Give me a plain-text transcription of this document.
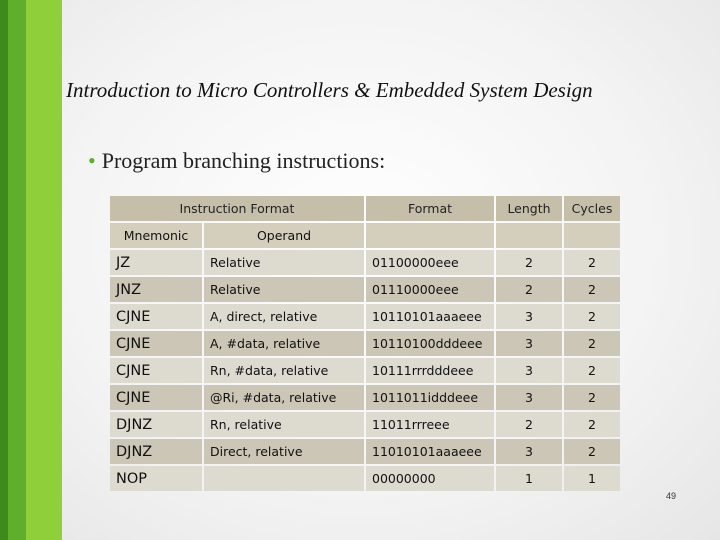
Introduction to Micro Controllers & Embedded System Design
• Program branching instructions:
Instruction Format		Format	Length	Cycles
Mnemonic	Operand			
JZ	Relative	01100000eee	2	2
JNZ	Relative	01110000eee	2	2
CJNE	A, direct, relative	10110101aaaeee	3	2
CJNE	A, #data, relative	10110100dddeee	3	2
CJNE	Rn, #data, relative	10111rrrdddeee	3	2
CJNE	@Ri, #data, relative	1011011idddeee	3	2
DJNZ	Rn, relative	11011rrreee	2	2
DJNZ	Direct, relative	11010101aaaeee	3	2
NOP		00000000	1	1
49
